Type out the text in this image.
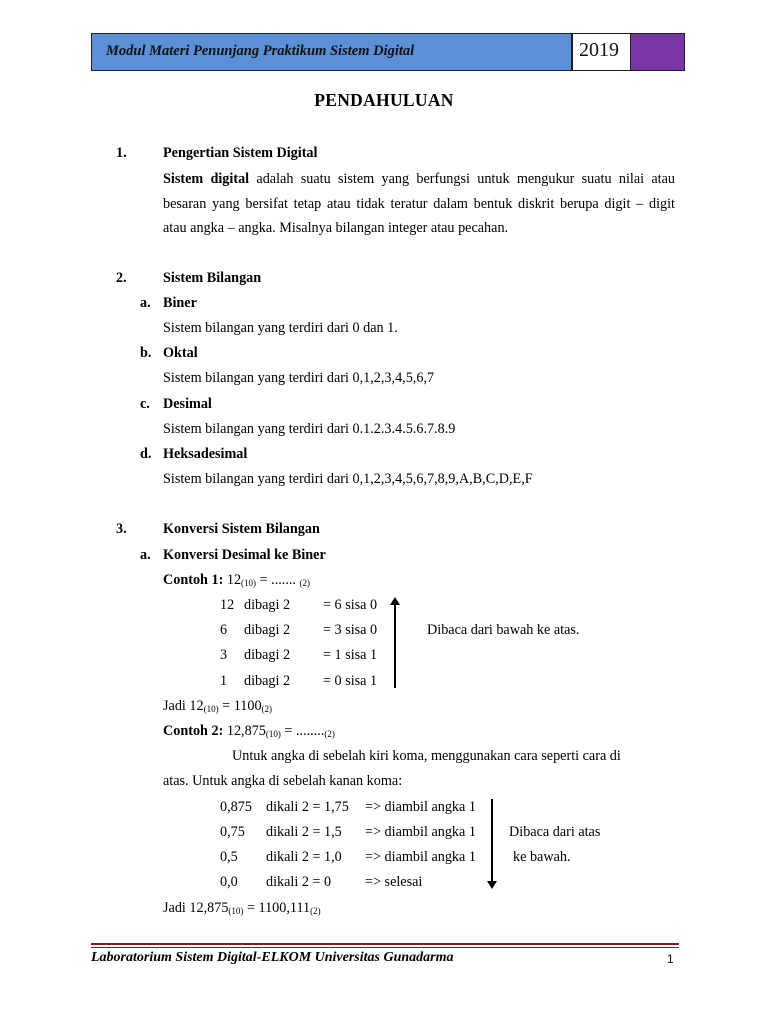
Modul Materi Penunjang Praktikum Sistem Digital	2019
PENDAHULUAN
1.	Pengertian Sistem Digital
Sistem digital adalah suatu sistem yang berfungsi untuk mengukur suatu nilai atau
besaran yang bersifat tetap atau tidak teratur dalam bentuk diskrit berupa digit – digit
atau angka – angka. Misalnya bilangan integer atau pecahan.
2.	Sistem Bilangan
a. Biner
Sistem bilangan yang terdiri dari 0 dan 1.
b. Oktal
Sistem bilangan yang terdiri dari 0,1,2,3,4,5,6,7
c. Desimal
Sistem bilangan yang terdiri dari 0.1.2.3.4.5.6.7.8.9
d. Heksadesimal
Sistem bilangan yang terdiri dari 0,1,2,3,4,5,6,7,8,9,A,B,C,D,E,F
3.	Konversi Sistem Bilangan
a. Konversi Desimal ke Biner
Contoh 1: $12_{(10)}$ = ....... $_{(2)}$
12 dibagi 2 = 6 sisa 0
6 dibagi 2 = 3 sisa 0
3 dibagi 2 = 1 sisa 1
1 dibagi 2 = 0 sisa 1
Dibaca dari bawah ke atas.
Jadi $12_{(10)} = 1100_{(2)}$
Contoh 2: $12,875_{(10)} = ........_{(2)}$
Untuk angka di sebelah kiri koma, menggunakan cara seperti cara di
atas. Untuk angka di sebelah kanan koma:
0,875 dikali 2 = 1,75 => diambil angka 1
0,75 dikali 2 = 1,5 => diambil angka 1
0,5 dikali 2 = 1,0 => diambil angka 1
0,0 dikali 2 = 0 => selesai
Dibaca dari atas
ke bawah.
Jadi $12,875_{(10)} = 1100,111_{(2)}$
Laboratorium Sistem Digital-ELKOM Universitas Gunadarma	1
